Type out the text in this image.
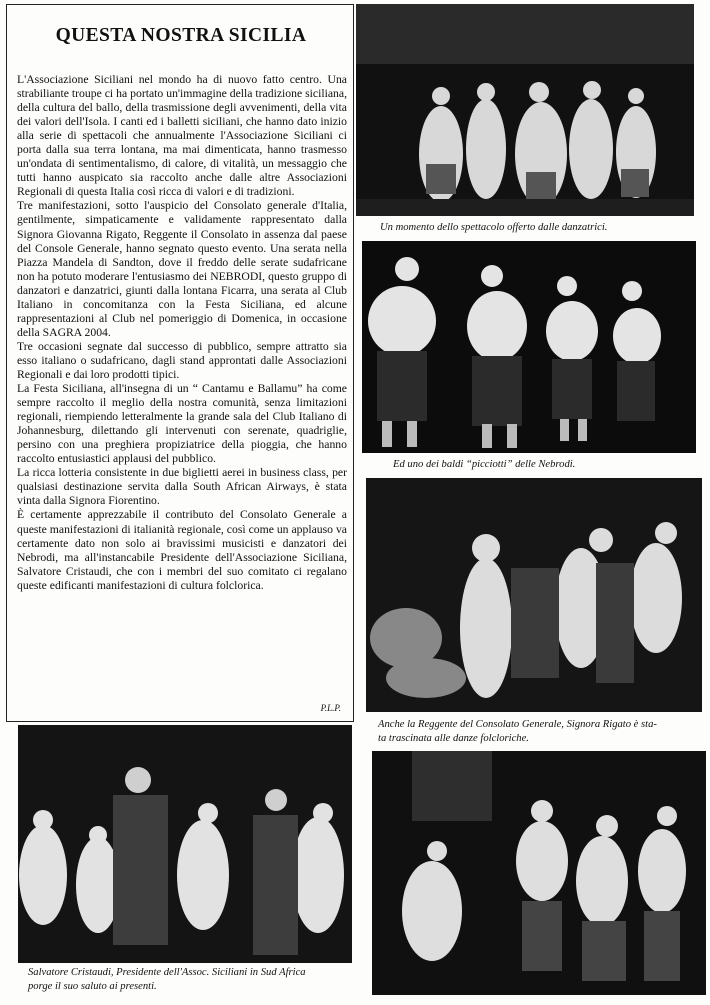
QUESTA NOSTRA SICILIA

L'Associazione Siciliani nel mondo ha di nuovo fatto centro. Una strabiliante troupe ci ha portato un'immagine della tradizione siciliana, della cultura del ballo, della trasmissione degli avvenimenti, della vita dei valori dell'Isola. I canti ed i balletti siciliani, che hanno dato inizio alla serie di spettacoli che annualmente l'Associazione Siciliani ci porta dalla sua terra lontana, ma mai dimenticata, hanno trasmesso un'ondata di sentimentalismo, di calore, di vitalità, un messaggio che tutti hanno auspicato sia raccolto anche dalle altre Associazioni Regionali di questa Italia così ricca di valori e di tradizioni.

Tre manifestazioni, sotto l'auspicio del Consolato generale d'Italia, gentilmente, simpaticamente e validamente rappresentato dalla Signora Giovanna Rigato, Reggente il Consolato in assenza dal paese del Console Generale, hanno segnato questo evento. Una serata nella Piazza Mandela di Sandton, dove il freddo delle serate sudafricane non ha potuto moderare l'entusiasmo dei NEBRODI, questo gruppo di danzatori e danzatrici, giunti dalla lontana Ficarra, una serata al Club Italiano in concomitanza con la Festa Siciliana, ed alcune rappresentazioni al Club nel pomeriggio di Domenica, in occasione della SAGRA 2004.

Tre occasioni segnate dal successo di pubblico, sempre attratto sia esso italiano o sudafricano, dagli stand approntati dalle Associazioni Regionali e dai loro prodotti tipici.

La Festa Siciliana, all'insegna di un “ Cantamu e Ballamu” ha come sempre raccolto il meglio della nostra comunità, senza limitazioni regionali, riempiendo letteralmente la grande sala del Club Italiano di Johannesburg, dilettando gli intervenuti con serenate, quadriglie, persino con una preghiera propiziatrice della pioggia, che hanno raccolto entusiastici applausi del pubblico.

La ricca lotteria consistente in due biglietti aerei in business class, per qualsiasi destinazione servita dalla South African Airways, è stata vinta dalla Signora Fiorentino.

È certamente apprezzabile il contributo del Consolato Generale a queste manifestazioni di italianità regionale, così come un applauso va certamente dato non solo ai bravissimi musicisti e danzatori dei Nebrodi, ma all'instancabile Presidente dell'Associazione Siciliana, Salvatore Cristaudi, che con i membri del suo comitato ci regalano queste edificanti manifestazioni di cultura folclorica.

P.L.P.
Un momento dello spettacolo offerto dalle danzatrici.
Ed uno dei baldi “picciotti” delle Nebrodi.
Anche la Reggente del Consolato Generale, Signora Rigato è sta-
ta trascinata alle danze folcloriche.
Salvatore Cristaudi, Presidente dell'Assoc. Siciliani in Sud Africa
porge il suo saluto ai presenti.
